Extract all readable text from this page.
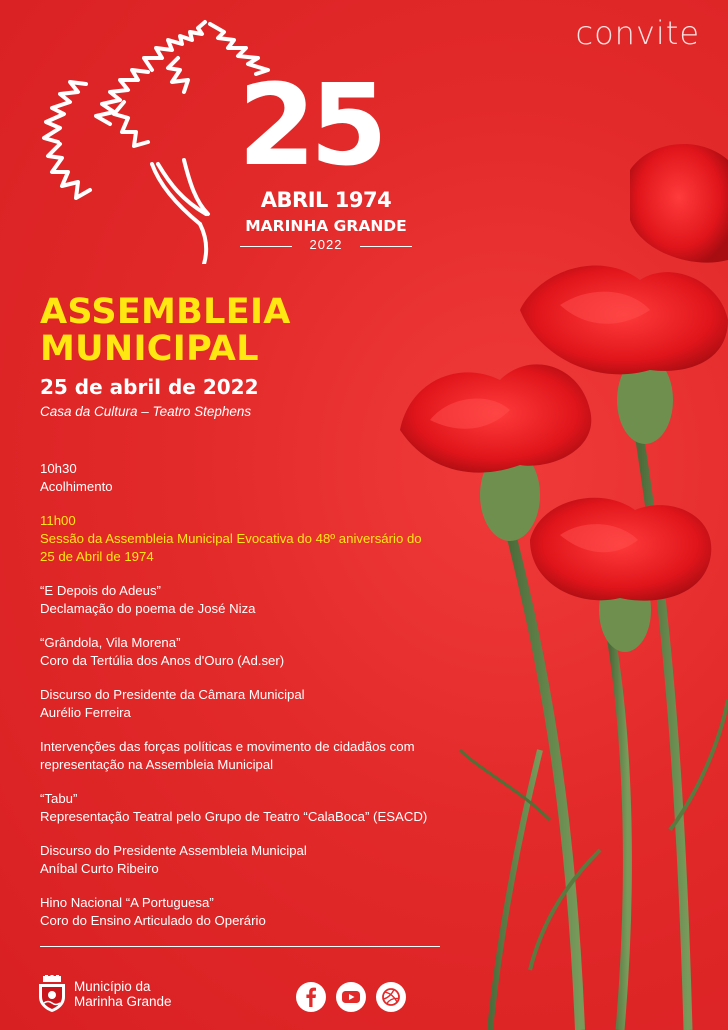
convite
25
ABRIL 1974
MARINHA GRANDE
2022
ASSEMBLEIA
MUNICIPAL
25 de abril de 2022
Casa da Cultura – Teatro Stephens
10h30
Acolhimento
11h00
Sessão da Assembleia Municipal Evocativa do 48º aniversário do
25 de Abril de 1974
“E Depois do Adeus”
Declamação do poema de José Niza
“Grândola, Vila Morena”
Coro da Tertúlia dos Anos d'Ouro (Ad.ser)
Discurso do Presidente da Câmara Municipal
Aurélio Ferreira
Intervenções das forças políticas e movimento de cidadãos com
representação na Assembleia Municipal
“Tabu”
Representação Teatral pelo Grupo de Teatro “CalaBoca” (ESACD)
Discurso do Presidente Assembleia Municipal
Aníbal Curto Ribeiro
Hino Nacional “A Portuguesa”
Coro do Ensino Articulado do Operário
Município da
Marinha Grande
